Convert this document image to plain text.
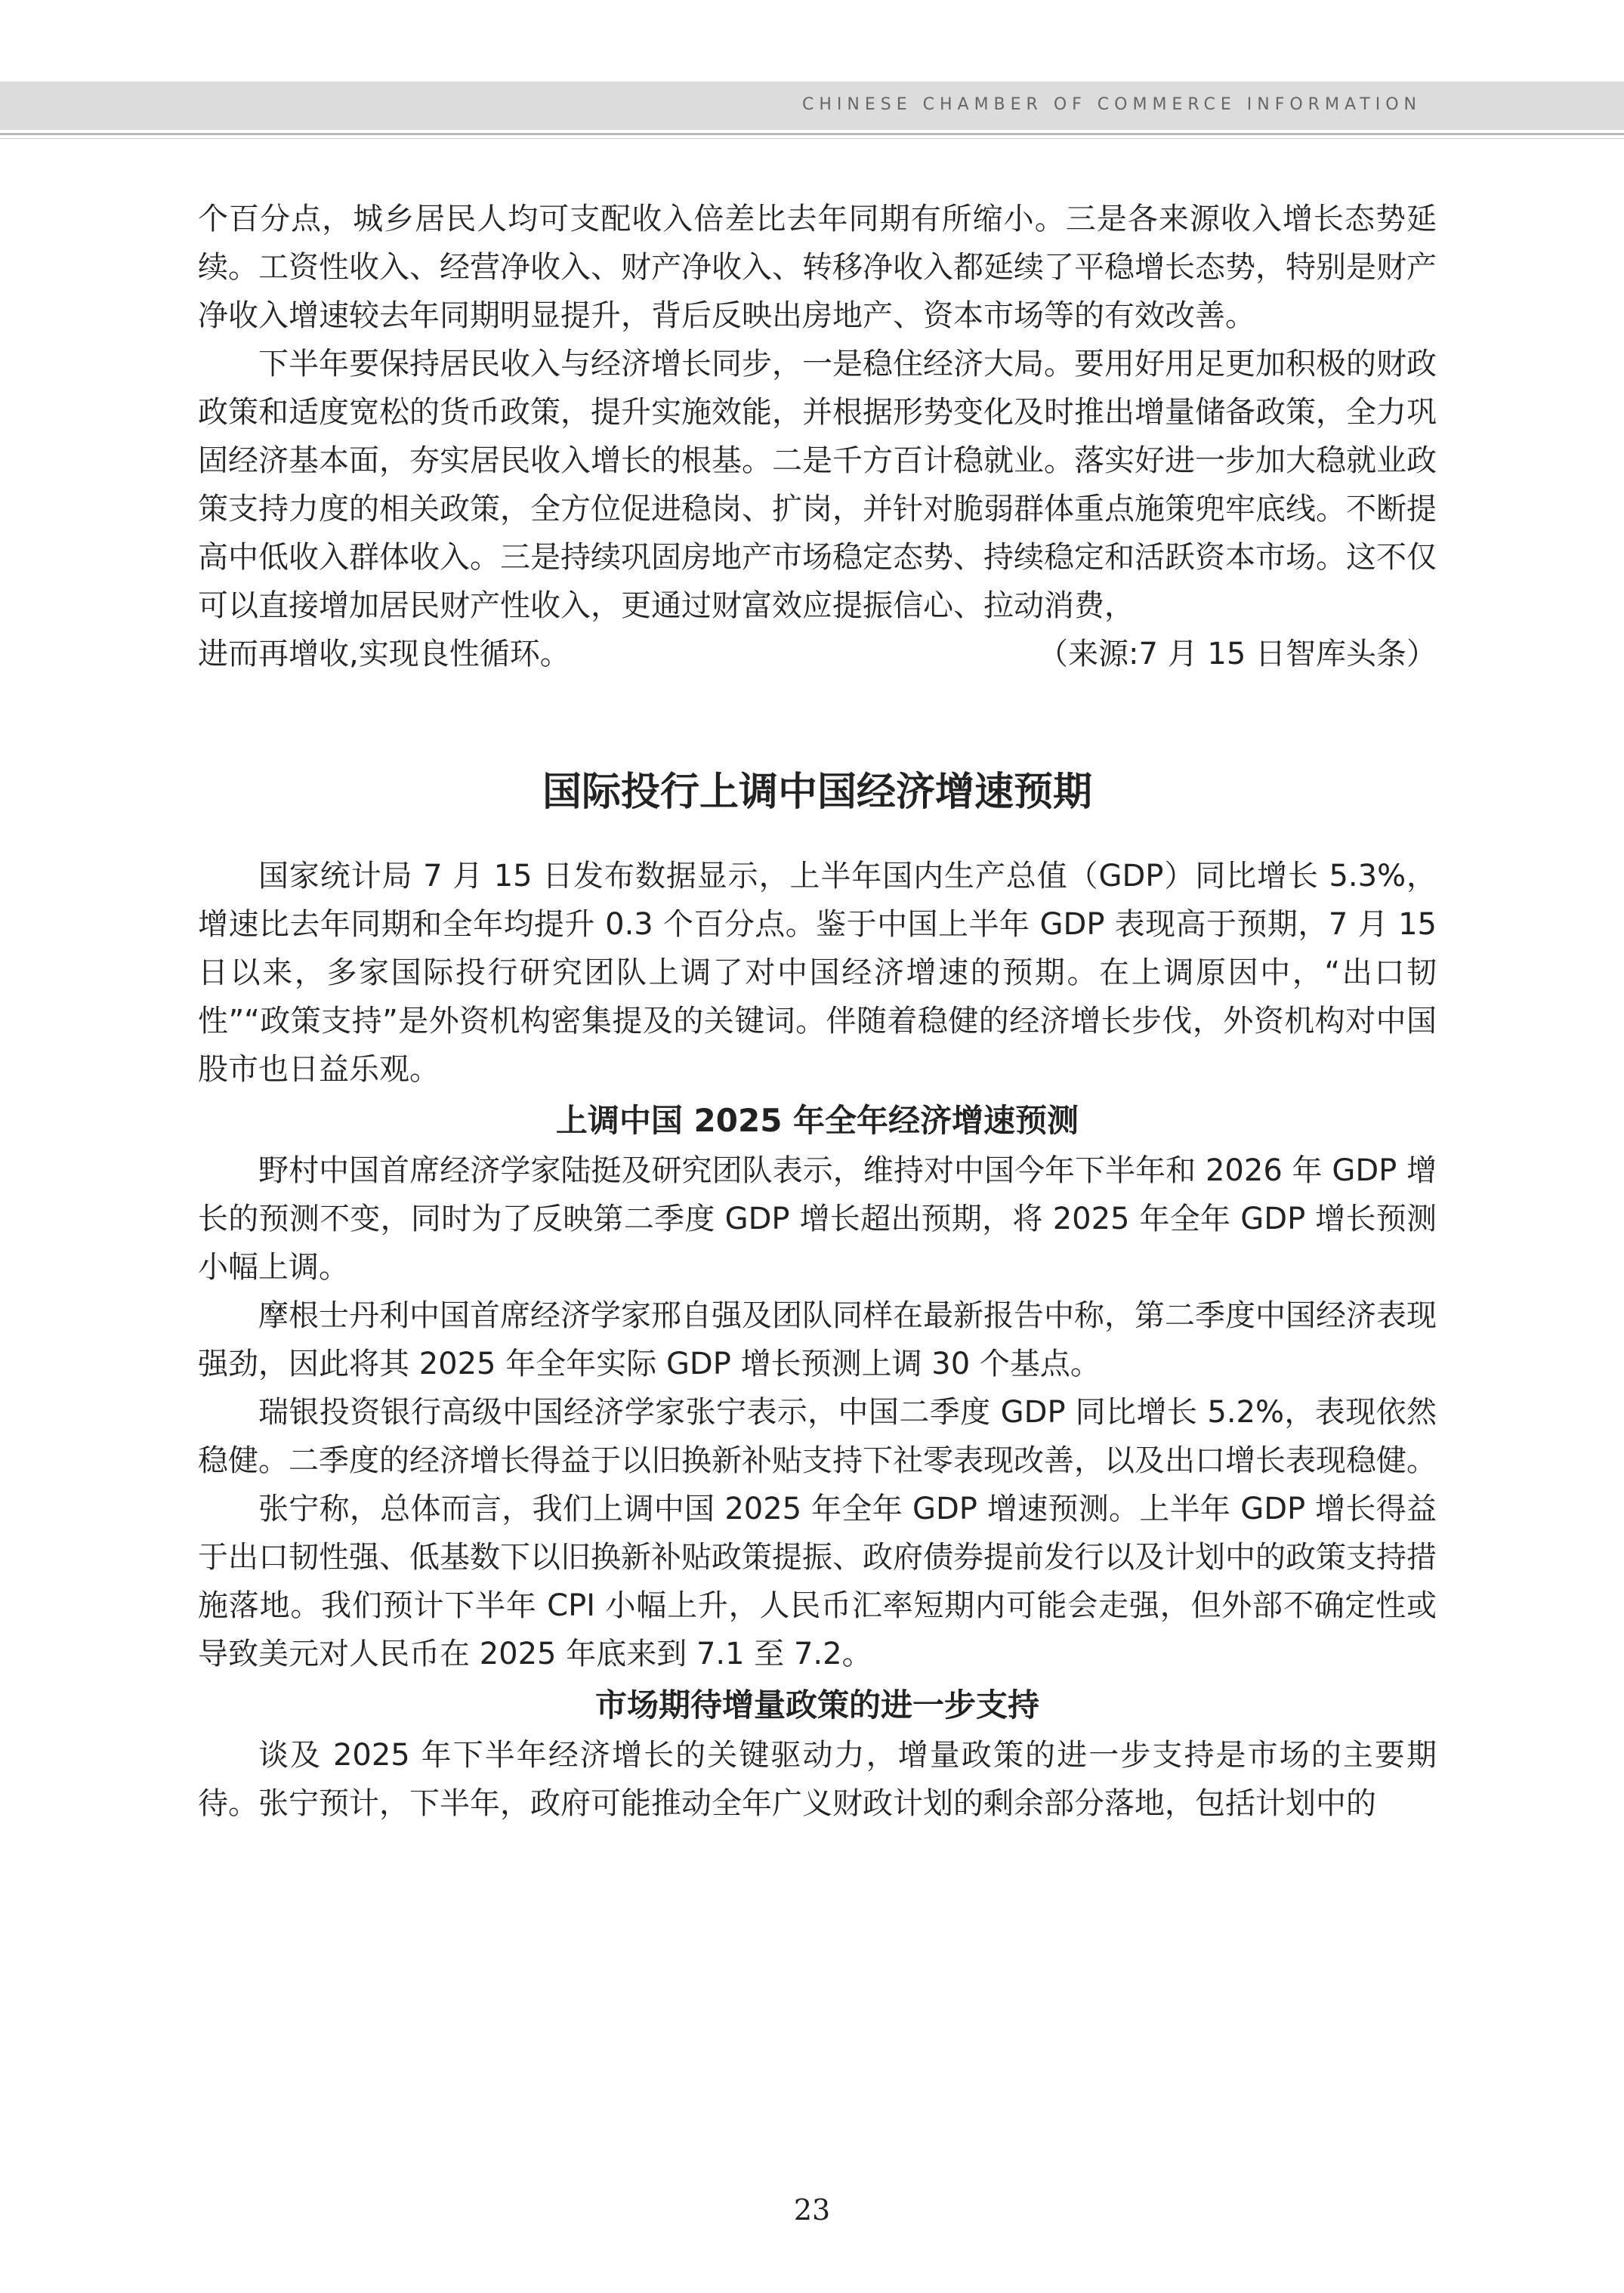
CHINESE CHAMBER OF COMMERCE INFORMATION

个百分点，城乡居民人均可支配收入倍差比去年同期有所缩小。三是各来源收入增长态势延续。工资性收入、经营净收入、财产净收入、转移净收入都延续了平稳增长态势，特别是财产净收入增速较去年同期明显提升，背后反映出房地产、资本市场等的有效改善。

下半年要保持居民收入与经济增长同步，一是稳住经济大局。要用好用足更加积极的财政政策和适度宽松的货币政策，提升实施效能，并根据形势变化及时推出增量储备政策，全力巩固经济基本面，夯实居民收入增长的根基。二是千方百计稳就业。落实好进一步加大稳就业政策支持力度的相关政策，全方位促进稳岗、扩岗，并针对脆弱群体重点施策兜牢底线。不断提高中低收入群体收入。三是持续巩固房地产市场稳定态势、持续稳定和活跃资本市场。这不仅可以直接增加居民财产性收入，更通过财富效应提振信心、拉动消费，

进而再增收,实现良性循环。	（来源:7 月 15 日智库头条）
国际投行上调中国经济增速预期

国家统计局 7 月 15 日发布数据显示，上半年国内生产总值（GDP）同比增长 5.3%，增速比去年同期和全年均提升 0.3 个百分点。鉴于中国上半年 GDP 表现高于预期，7 月 15 日以来，多家国际投行研究团队上调了对中国经济增速的预期。在上调原因中，“出口韧性”“政策支持”是外资机构密集提及的关键词。伴随着稳健的经济增长步伐，外资机构对中国股市也日益乐观。

上调中国 2025 年全年经济增速预测

野村中国首席经济学家陆挺及研究团队表示，维持对中国今年下半年和 2026 年 GDP 增长的预测不变，同时为了反映第二季度 GDP 增长超出预期，将 2025 年全年 GDP 增长预测小幅上调。

摩根士丹利中国首席经济学家邢自强及团队同样在最新报告中称，第二季度中国经济表现强劲，因此将其 2025 年全年实际 GDP 增长预测上调 30 个基点。

瑞银投资银行高级中国经济学家张宁表示，中国二季度 GDP 同比增长 5.2%，表现依然稳健。二季度的经济增长得益于以旧换新补贴支持下社零表现改善，以及出口增长表现稳健。

张宁称，总体而言，我们上调中国 2025 年全年 GDP 增速预测。上半年 GDP 增长得益于出口韧性强、低基数下以旧换新补贴政策提振、政府债券提前发行以及计划中的政策支持措施落地。我们预计下半年 CPI 小幅上升，人民币汇率短期内可能会走强，但外部不确定性或导致美元对人民币在 2025 年底来到 7.1 至 7.2。

市场期待增量政策的进一步支持

谈及 2025 年下半年经济增长的关键驱动力，增量政策的进一步支持是市场的主要期待。张宁预计，下半年，政府可能推动全年广义财政计划的剩余部分落地，包括计划中的

23
